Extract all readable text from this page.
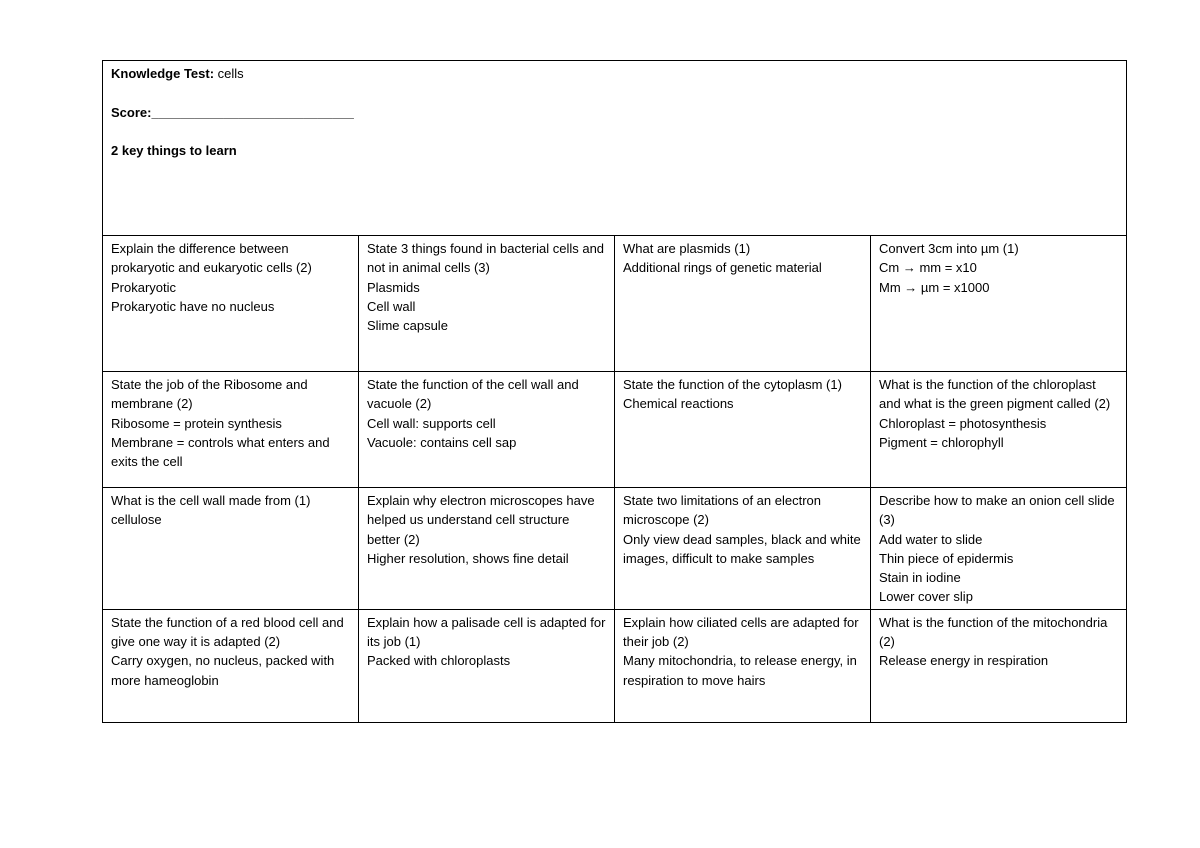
Knowledge Test: cells
Score:____________________________
2 key things to learn			

Explain the difference between prokaryotic and eukaryotic cells (2)
Prokaryotic
Prokaryotic have no nucleus	State 3 things found in bacterial cells and not in animal cells (3)
Plasmids
Cell wall
Slime capsule	What are plasmids (1)
Additional rings of genetic material	Convert 3cm into µm (1)
Cm → mm = x10
Mm → µm = x1000

State the job of the Ribosome and membrane (2)
Ribosome = protein synthesis
Membrane = controls what enters and exits the cell	State the function of the cell wall and vacuole (2)
Cell wall: supports cell
Vacuole: contains cell sap	State the function of the cytoplasm (1)
Chemical reactions	What is the function of the chloroplast and what is the green pigment called (2)
Chloroplast = photosynthesis
Pigment = chlorophyll

What is the cell wall made from (1)
cellulose	Explain why electron microscopes have helped us understand cell structure better (2)
Higher resolution, shows fine detail	State two limitations of an electron microscope (2)
Only view dead samples, black and white images, difficult to make samples	Describe how to make an onion cell slide (3)
Add water to slide
Thin piece of epidermis
Stain in iodine
Lower cover slip

State the function of a red blood cell and give one way it is adapted (2)
Carry oxygen, no nucleus, packed with more hameoglobin	Explain how a palisade cell is adapted for its job (1)
Packed with chloroplasts	Explain how ciliated cells are adapted for their job (2)
Many mitochondria, to release energy, in respiration to move hairs	What is the function of the mitochondria (2)
Release energy in respiration
